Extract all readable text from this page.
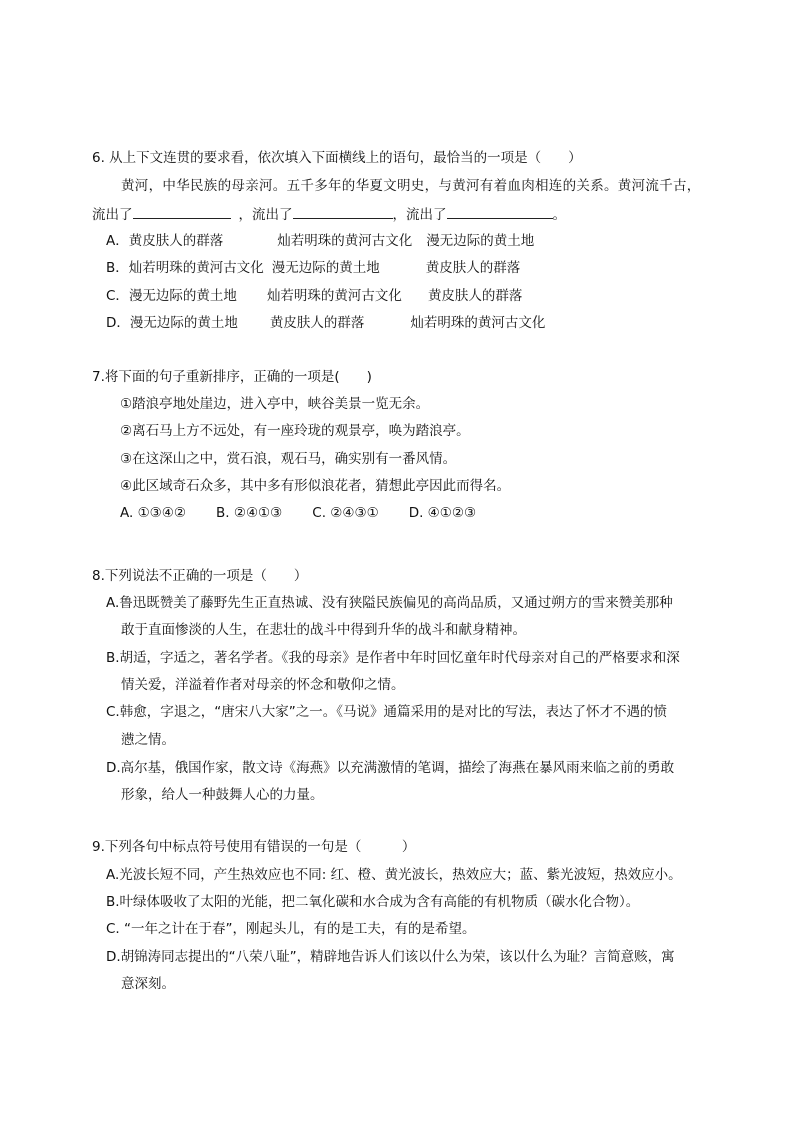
6. 从上下文连贯的要求看，依次填入下面横线上的语句，最恰当的一项是（　　）
黄河，中华民族的母亲河。五千多年的华夏文明史，与黄河有着血肉相连的关系。黄河流千古，
流出了	，流出了	，流出了	。
A．黄皮肤人的群落	灿若明珠的黄河古文化 漫无边际的黄土地
B．灿若明珠的黄河古文化 漫无边际的黄土地	黄皮肤人的群落
C．漫无边际的黄土地 灿若明珠的黄河古文化 黄皮肤人的群落
D．漫无边际的黄土地 黄皮肤人的群落	灿若明珠的黄河古文化
7.将下面的句子重新排序，正确的一项是(　　)
①踏浪亭地处崖边，进入亭中，峡谷美景一览无余。
②离石马上方不远处，有一座玲珑的观景亭，唤为踏浪亭。
③在这深山之中，赏石浪，观石马，确实别有一番风情。
④此区域奇石众多，其中多有形似浪花者，猜想此亭因此而得名。
A. ①③④② B. ②④①③ C. ②④③① D. ④①②③
8.下列说法不正确的一项是（　　）
A.鲁迅既赞美了藤野先生正直热诚、没有狭隘民族偏见的高尚品质，又通过朔方的雪来赞美那种
敢于直面惨淡的人生，在悲壮的战斗中得到升华的战斗和献身精神。
B.胡适，字适之，著名学者。《我的母亲》是作者中年时回忆童年时代母亲对自己的严格要求和深
情关爱，洋溢着作者对母亲的怀念和敬仰之情。
C.韩愈，字退之，“唐宋八大家”之一。《马说》通篇采用的是对比的写法，表达了怀才不遇的愤
懑之情。
D.高尔基，俄国作家，散文诗《海燕》以充满激情的笔调，描绘了海燕在暴风雨来临之前的勇敢
形象，给人一种鼓舞人心的力量。
9.下列各句中标点符号使用有错误的一句是（　　　）
A.光波长短不同，产生热效应也不同: 红、橙、黄光波长，热效应大；蓝、紫光波短，热效应小。
B.叶绿体吸收了太阳的光能，把二氧化碳和水合成为含有高能的有机物质（碳水化合物）。
C. “一年之计在于春”，刚起头儿，有的是工夫，有的是希望。
D.胡锦涛同志提出的“八荣八耻”，精辟地告诉人们该以什么为荣，该以什么为耻？言简意赅，寓
意深刻。
